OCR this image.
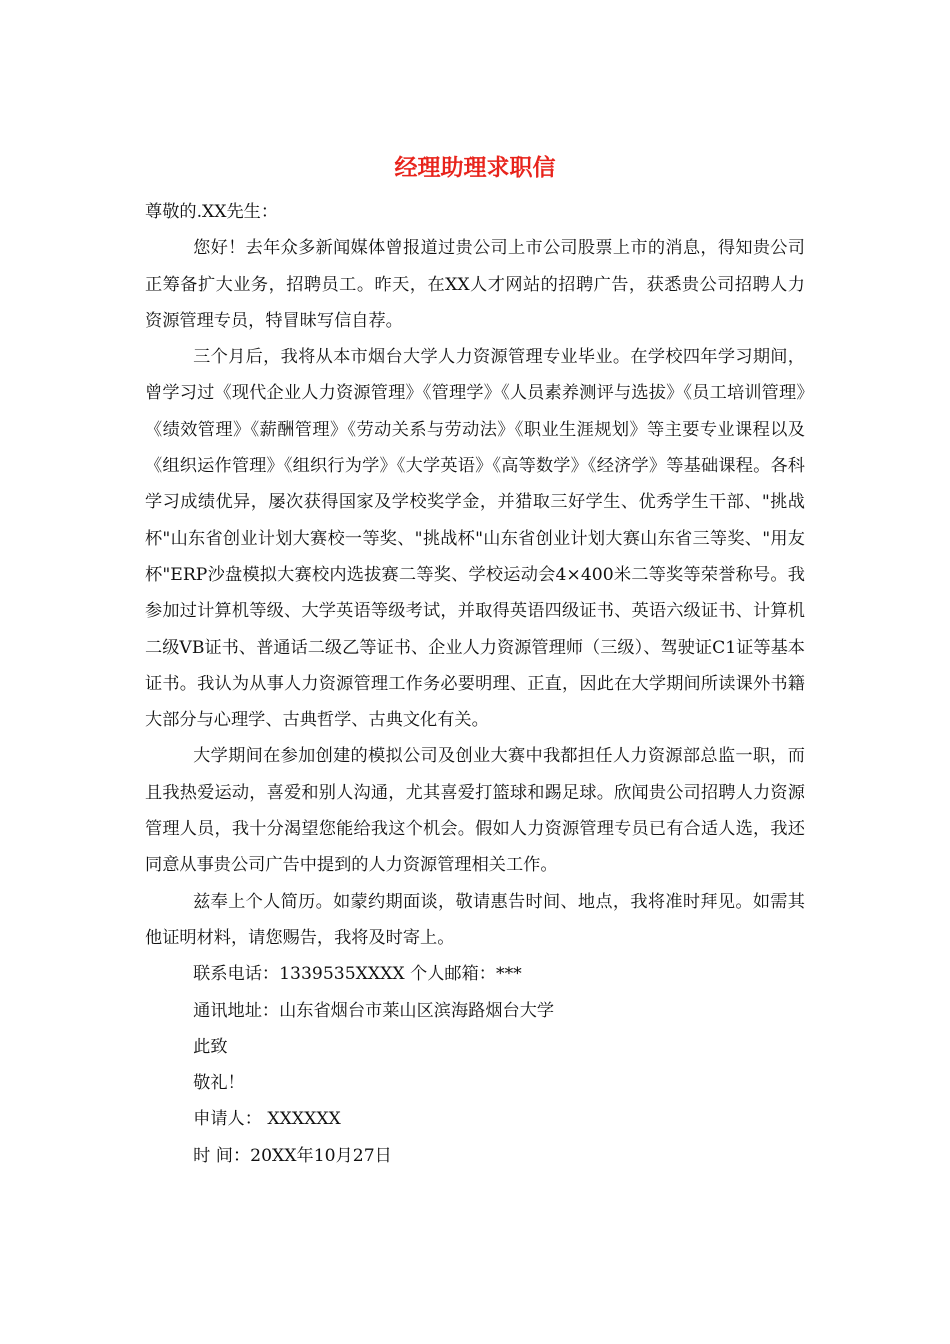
经理助理求职信

尊敬的.XX先生：

您好！去年众多新闻媒体曾报道过贵公司上市公司股票上市的消息，得知贵公司正筹备扩大业务，招聘员工。昨天，在XX人才网站的招聘广告，获悉贵公司招聘人力资源管理专员，特冒昧写信自荐。

三个月后，我将从本市烟台大学人力资源管理专业毕业。在学校四年学习期间，曾学习过《现代企业人力资源管理》《管理学》《人员素养测评与选拔》《员工培训管理》《绩效管理》《薪酬管理》《劳动关系与劳动法》《职业生涯规划》等主要专业课程以及《组织运作管理》《组织行为学》《大学英语》《高等数学》《经济学》等基础课程。各科学习成绩优异，屡次获得国家及学校奖学金，并猎取三好学生、优秀学生干部、"挑战杯"山东省创业计划大赛校一等奖、"挑战杯"山东省创业计划大赛山东省三等奖、"用友杯"ERP沙盘模拟大赛校内选拔赛二等奖、学校运动会4×400米二等奖等荣誉称号。我参加过计算机等级、大学英语等级考试，并取得英语四级证书、英语六级证书、计算机二级VB证书、普通话二级乙等证书、企业人力资源管理师（三级）、驾驶证C1证等基本证书。我认为从事人力资源管理工作务必要明理、正直，因此在大学期间所读课外书籍大部分与心理学、古典哲学、古典文化有关。

大学期间在参加创建的模拟公司及创业大赛中我都担任人力资源部总监一职，而且我热爱运动，喜爱和别人沟通，尤其喜爱打篮球和踢足球。欣闻贵公司招聘人力资源管理人员，我十分渴望您能给我这个机会。假如人力资源管理专员已有合适人选，我还同意从事贵公司广告中提到的人力资源管理相关工作。

兹奉上个人简历。如蒙约期面谈，敬请惠告时间、地点，我将准时拜见。如需其他证明材料，请您赐告，我将及时寄上。

联系电话：1339535XXXX 个人邮箱：***

通讯地址：山东省烟台市莱山区滨海路烟台大学

此致

敬礼！

申请人： XXXXXX

时 间：20XX年10月27日
